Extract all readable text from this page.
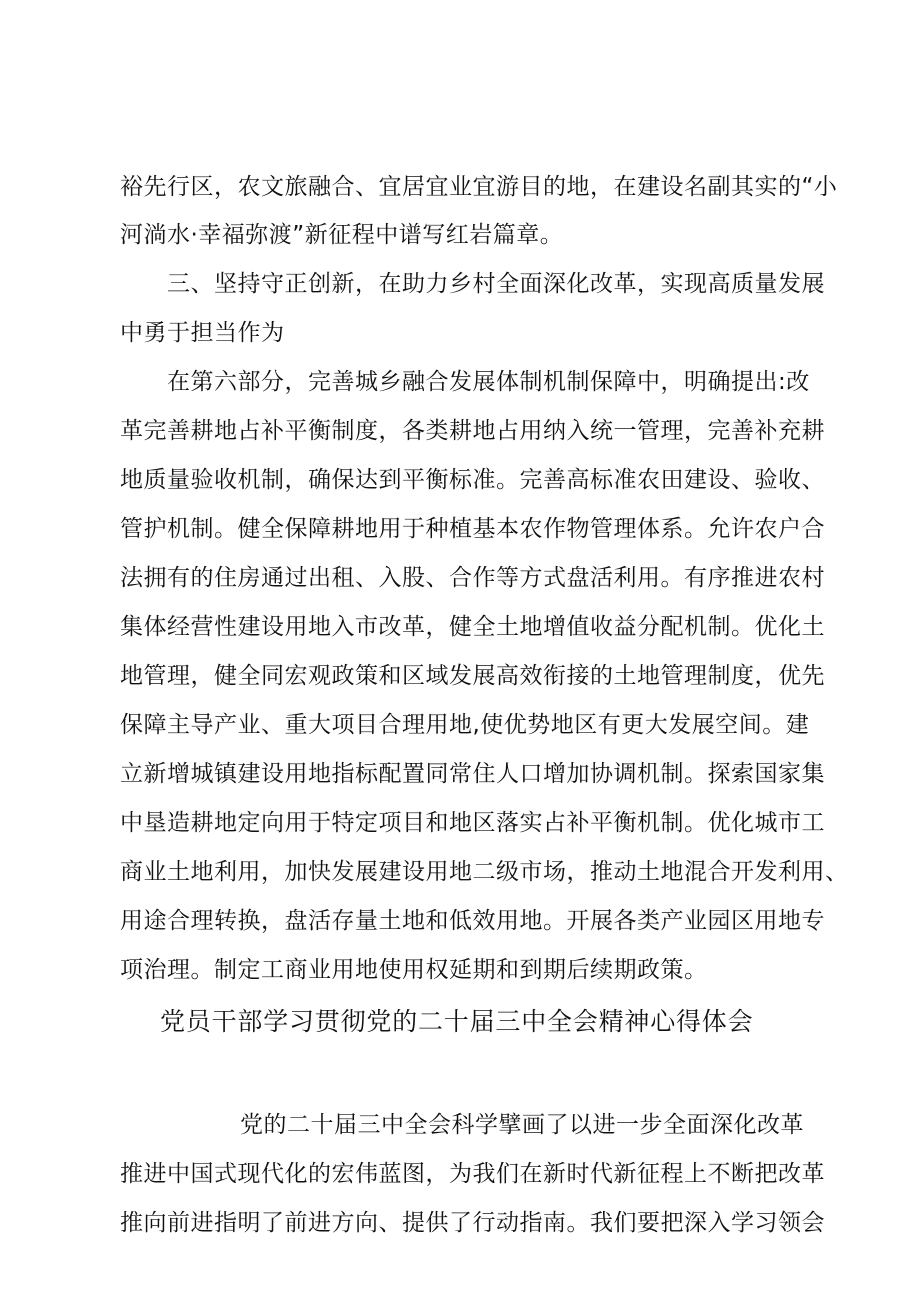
裕先行区，农文旅融合、宜居宜业宜游目的地，在建设名副其实的“小

河淌水·幸福弥渡”新征程中谱写红岩篇章。

三、坚持守正创新，在助力乡村全面深化改革，实现高质量发展

中勇于担当作为

在第六部分，完善城乡融合发展体制机制保障中，明确提出:改

革完善耕地占补平衡制度，各类耕地占用纳入统一管理，完善补充耕

地质量验收机制，确保达到平衡标准。完善高标准农田建设、验收、

管护机制。健全保障耕地用于种植基本农作物管理体系。允许农户合

法拥有的住房通过出租、入股、合作等方式盘活利用。有序推进农村

集体经营性建设用地入市改革，健全土地增值收益分配机制。优化土

地管理，健全同宏观政策和区域发展高效衔接的土地管理制度，优先

保障主导产业、重大项目合理用地,使优势地区有更大发展空间。建

立新增城镇建设用地指标配置同常住人口增加协调机制。探索国家集

中垦造耕地定向用于特定项目和地区落实占补平衡机制。优化城市工

商业土地利用，加快发展建设用地二级市场，推动土地混合开发利用、

用途合理转换，盘活存量土地和低效用地。开展各类产业园区用地专

项治理。制定工商业用地使用权延期和到期后续期政策。

党员干部学习贯彻党的二十届三中全会精神心得体会

党的二十届三中全会科学擘画了以进一步全面深化改革

推进中国式现代化的宏伟蓝图，为我们在新时代新征程上不断把改革

推向前进指明了前进方向、提供了行动指南。我们要把深入学习领会
